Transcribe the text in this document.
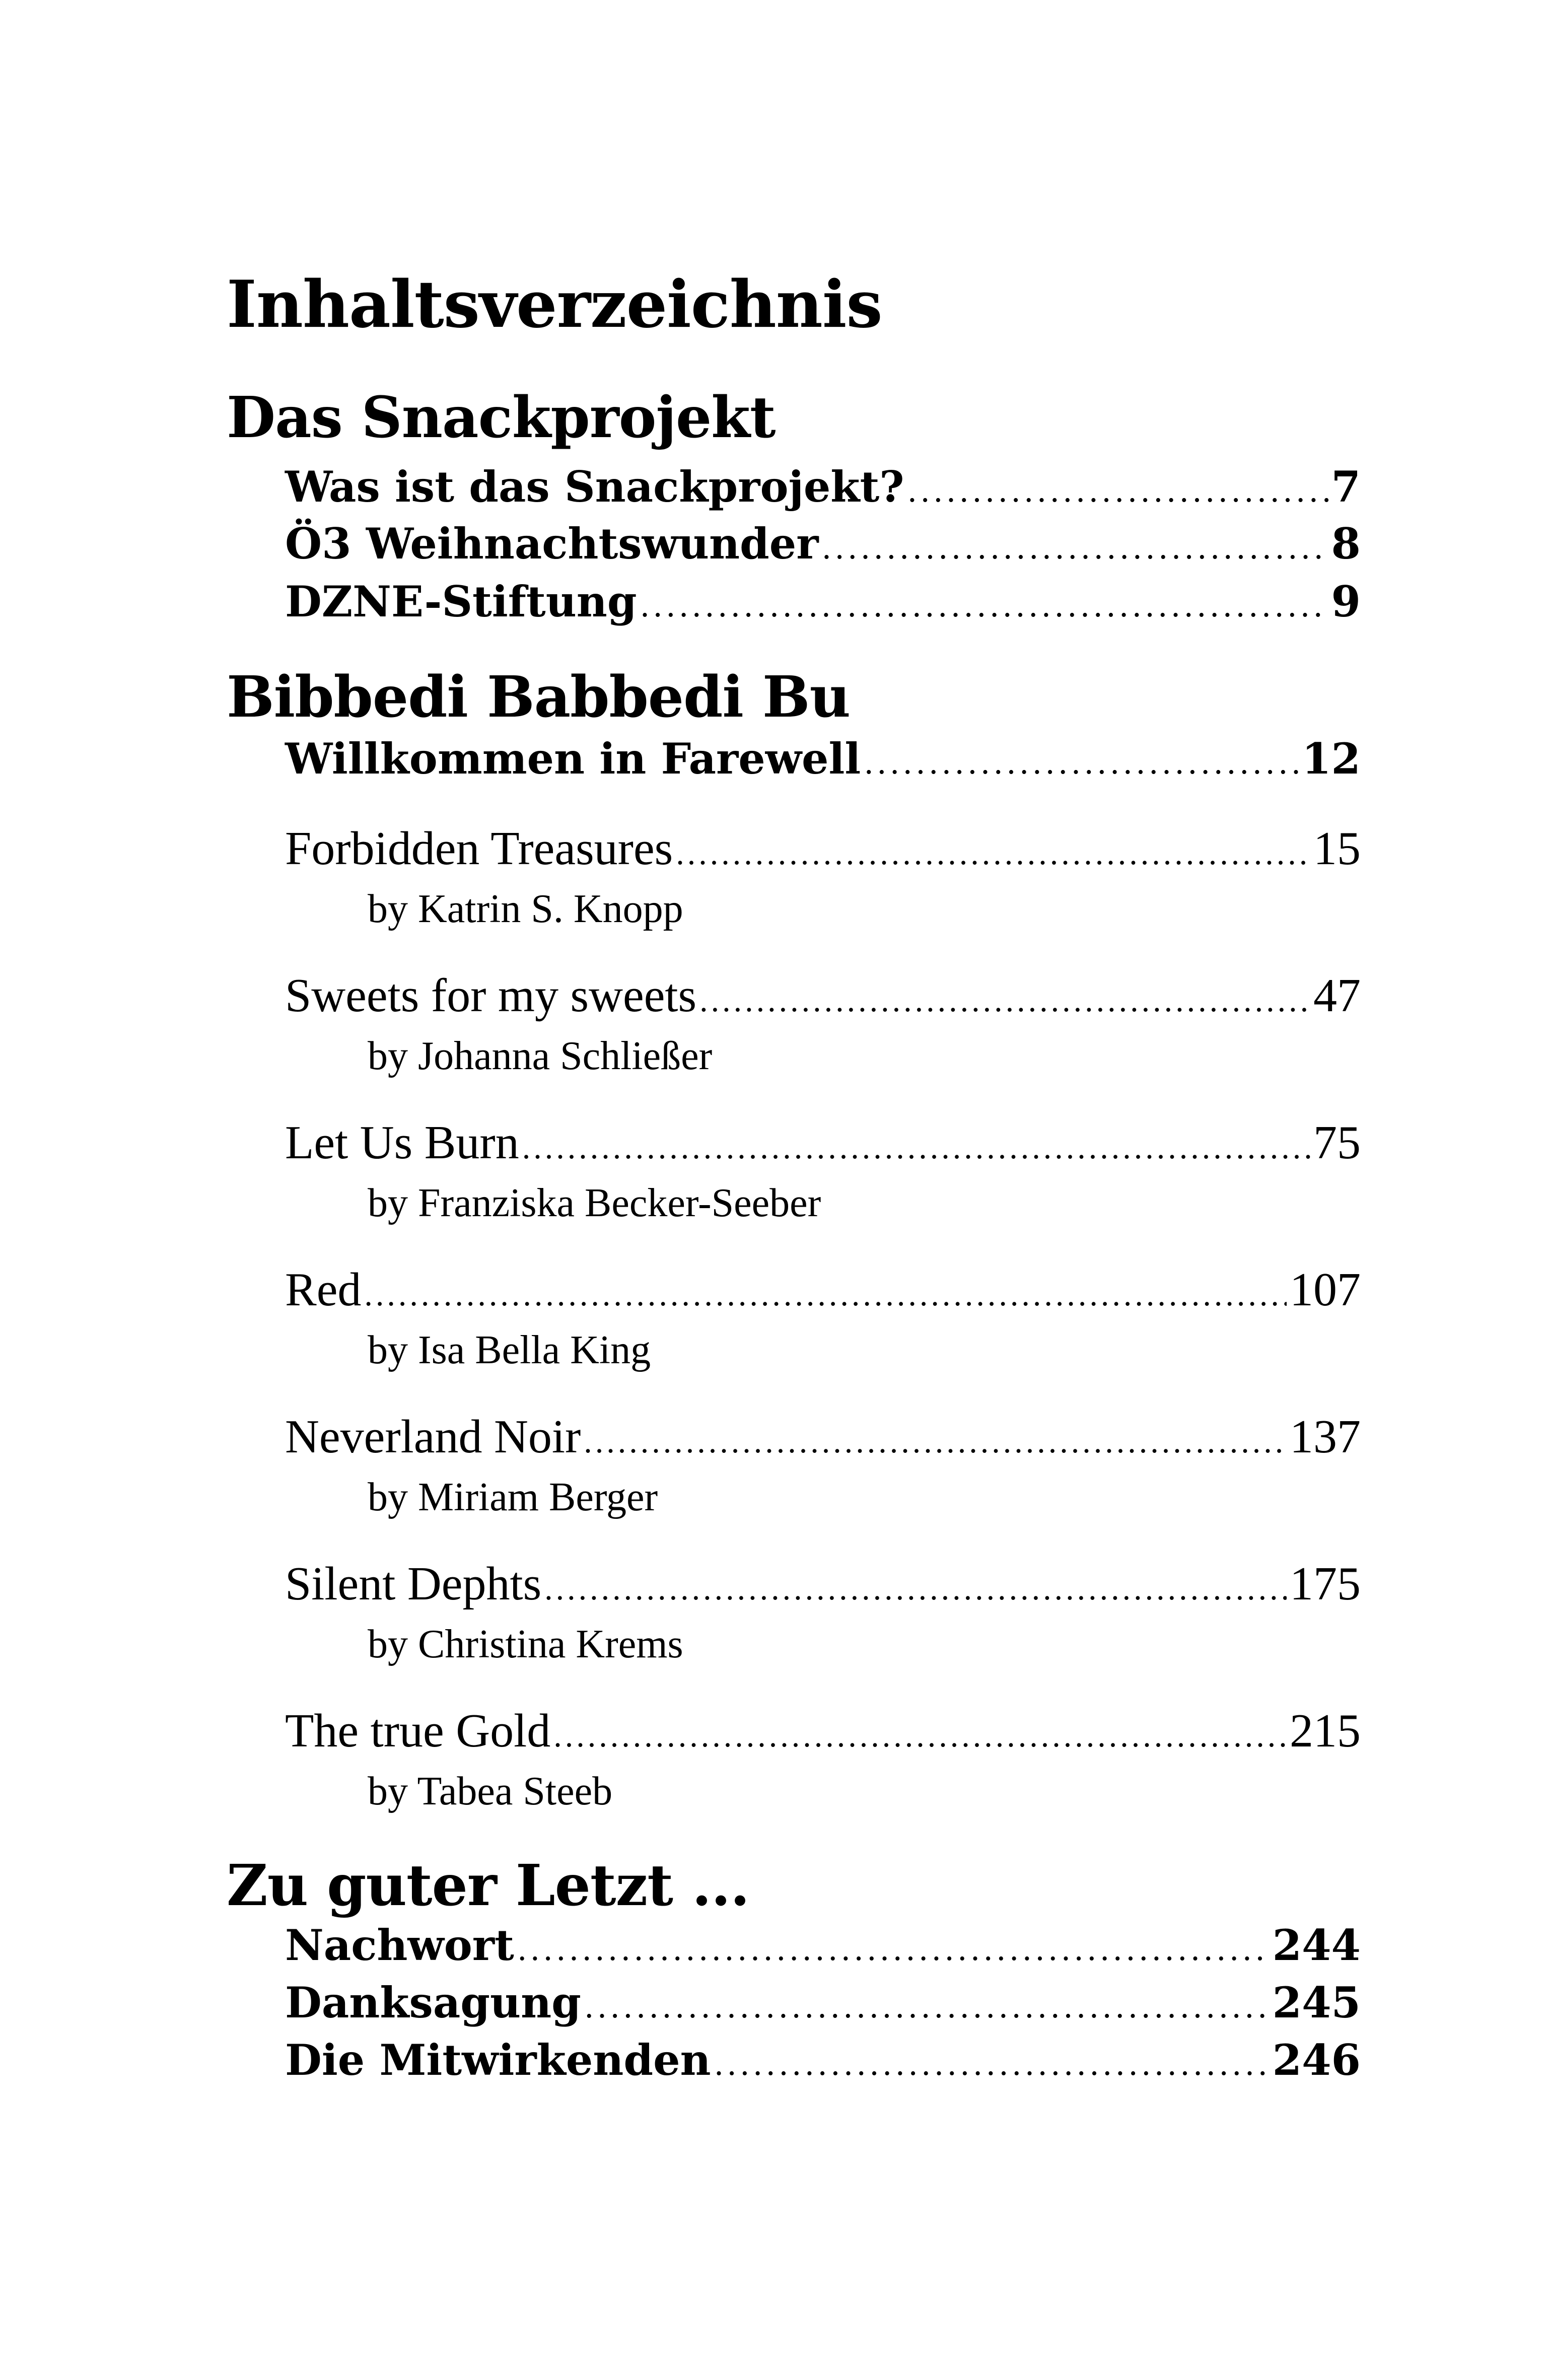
Inhaltsverzeichnis
Das Snackprojekt
Was ist das Snackprojekt? .....	7
Ö3 Weihnachtswunder .....	8
DZNE-Stiftung .....	9
Bibbedi Babbedi Bu
Willkommen in Farewell .....	12
Forbidden Treasures .....	15
by Katrin S. Knopp
Sweets for my sweets .....	47
by Johanna Schließer
Let Us Burn .....	75
by Franziska Becker-Seeber
Red .....	107
by Isa Bella King
Neverland Noir .....	137
by Miriam Berger
Silent Dephts .....	175
by Christina Krems
The true Gold .....	215
by Tabea Steeb
Zu guter Letzt ...
Nachwort .....	244
Danksagung .....	245
Die Mitwirkenden .....	246
